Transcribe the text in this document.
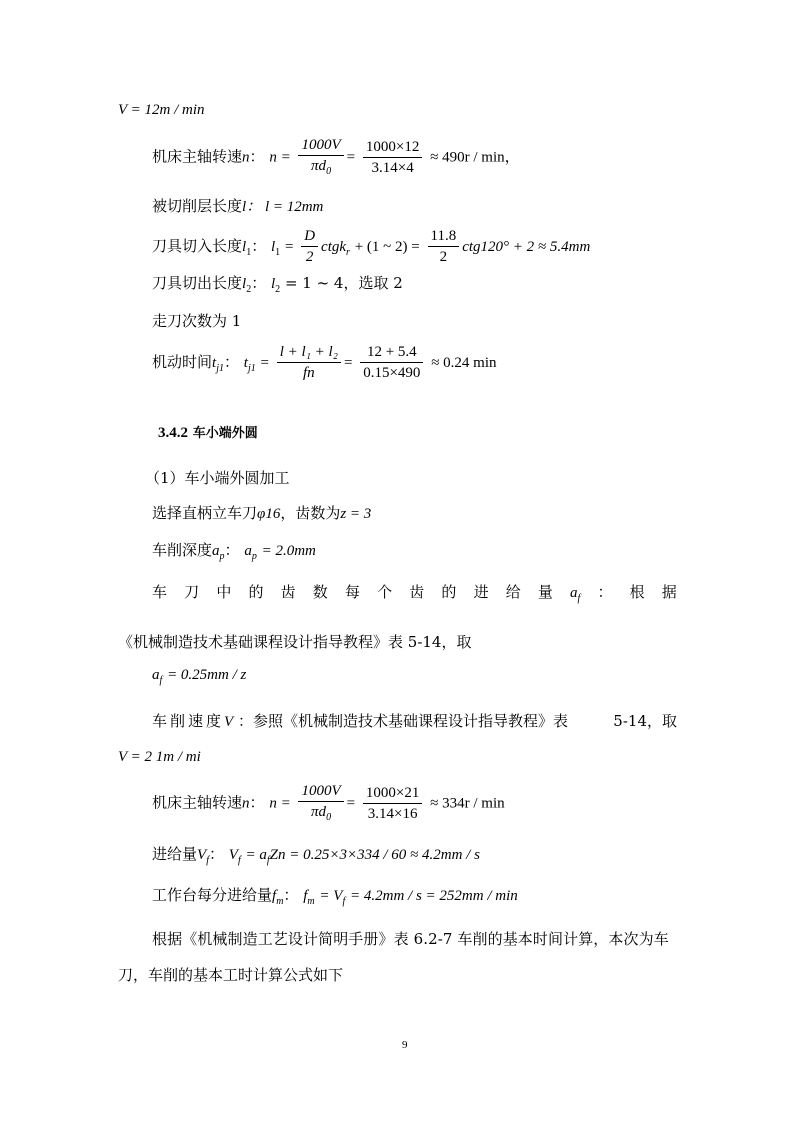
V = 12m / min
机床主轴转速n： $n = \frac{1000V}{\pi d_0} = \frac{1000\times 12}{3.14\times 4} \approx 490r / \min$，
被切削层长度l： l = 12mm
刀具切入长度$l_1$： $l_1 = \frac{D}{2}$ ctgk$_r$ + (1 ~ $2) = \frac{11.8}{2} ctg120^\circ + 2 \approx 5.4mm$
刀具切出长度$l_2$： $l_2 = 1$ ~ 4，选取 2
走刀次数为 1
机动时间$t_{j1}$： $t_{j1} = \frac{\text{l + l₁ + l₂}}{fn} = \frac{12 + 5.4}{0.15\times 490} \approx 0.24$ min
3.4.2 车小端外圆
（1）车小端外圆加工
选择直柄立车刀φ16，齿数为z = 3
车削深度$a_p$： $a_p = 2.0mm$
车 刀 中 的 齿 数 每 个 齿 的 进 给 量 $a_f$ ： 根 据
《机械制造技术基础课程设计指导教程》表 5-14，取
$a_f = 0.25mm / z$
车削速度V ：参照《机械制造技术基础课程设计指导教程》表	5-14，取
V = 2 1m / mi
机床主轴转速n： $n = \frac{1000V}{\pi d_0} = \frac{1000\times 21}{3.14\times 16} \approx 334r / \min$
进给量$V_f$： $V_f = a_fZn = 0.25\times 3\times 334 / 60 \approx 4.2mm / s$
工作台每分进给量$f_m$： $f_m = V_f = 4.2mm / s = 252mm / \min$
根据《机械制造工艺设计简明手册》表 6.2-7 车削的基本时间计算，本次为车
刀，车削的基本工时计算公式如下
9
